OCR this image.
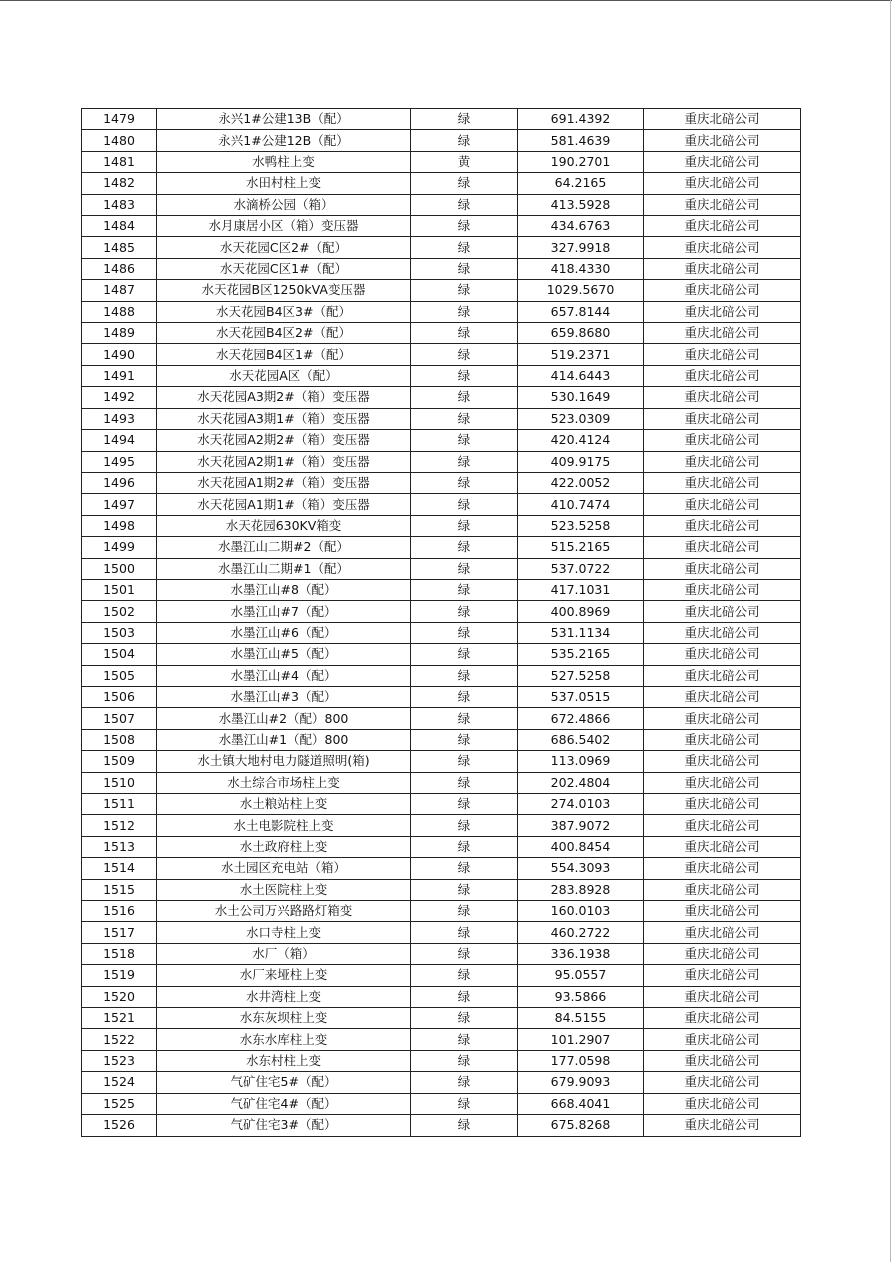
1479	永兴1#公建13B（配）	绿	691.4392	重庆北碚公司
1480	永兴1#公建12B（配）	绿	581.4639	重庆北碚公司
1481	水鸭柱上变	黄	190.2701	重庆北碚公司
1482	水田村柱上变	绿	64.2165	重庆北碚公司
1483	水滴桥公园（箱）	绿	413.5928	重庆北碚公司
1484	水月康居小区（箱）变压器	绿	434.6763	重庆北碚公司
1485	水天花园C区2#（配）	绿	327.9918	重庆北碚公司
1486	水天花园C区1#（配）	绿	418.4330	重庆北碚公司
1487	水天花园B区1250kVA变压器	绿	1029.5670	重庆北碚公司
1488	水天花园B4区3#（配）	绿	657.8144	重庆北碚公司
1489	水天花园B4区2#（配）	绿	659.8680	重庆北碚公司
1490	水天花园B4区1#（配）	绿	519.2371	重庆北碚公司
1491	水天花园A区（配）	绿	414.6443	重庆北碚公司
1492	水天花园A3期2#（箱）变压器	绿	530.1649	重庆北碚公司
1493	水天花园A3期1#（箱）变压器	绿	523.0309	重庆北碚公司
1494	水天花园A2期2#（箱）变压器	绿	420.4124	重庆北碚公司
1495	水天花园A2期1#（箱）变压器	绿	409.9175	重庆北碚公司
1496	水天花园A1期2#（箱）变压器	绿	422.0052	重庆北碚公司
1497	水天花园A1期1#（箱）变压器	绿	410.7474	重庆北碚公司
1498	水天花园630KV箱变	绿	523.5258	重庆北碚公司
1499	水墨江山二期#2（配）	绿	515.2165	重庆北碚公司
1500	水墨江山二期#1（配）	绿	537.0722	重庆北碚公司
1501	水墨江山#8（配）	绿	417.1031	重庆北碚公司
1502	水墨江山#7（配）	绿	400.8969	重庆北碚公司
1503	水墨江山#6（配）	绿	531.1134	重庆北碚公司
1504	水墨江山#5（配）	绿	535.2165	重庆北碚公司
1505	水墨江山#4（配）	绿	527.5258	重庆北碚公司
1506	水墨江山#3（配）	绿	537.0515	重庆北碚公司
1507	水墨江山#2（配）800	绿	672.4866	重庆北碚公司
1508	水墨江山#1（配）800	绿	686.5402	重庆北碚公司
1509	水土镇大地村电力隧道照明(箱)	绿	113.0969	重庆北碚公司
1510	水土综合市场柱上变	绿	202.4804	重庆北碚公司
1511	水土粮站柱上变	绿	274.0103	重庆北碚公司
1512	水土电影院柱上变	绿	387.9072	重庆北碚公司
1513	水土政府柱上变	绿	400.8454	重庆北碚公司
1514	水土园区充电站（箱）	绿	554.3093	重庆北碚公司
1515	水土医院柱上变	绿	283.8928	重庆北碚公司
1516	水土公司万兴路路灯箱变	绿	160.0103	重庆北碚公司
1517	水口寺柱上变	绿	460.2722	重庆北碚公司
1518	水厂（箱）	绿	336.1938	重庆北碚公司
1519	水厂来垭柱上变	绿	95.0557	重庆北碚公司
1520	水井湾柱上变	绿	93.5866	重庆北碚公司
1521	水东灰坝柱上变	绿	84.5155	重庆北碚公司
1522	水东水库柱上变	绿	101.2907	重庆北碚公司
1523	水东村柱上变	绿	177.0598	重庆北碚公司
1524	气矿住宅5#（配）	绿	679.9093	重庆北碚公司
1525	气矿住宅4#（配）	绿	668.4041	重庆北碚公司
1526	气矿住宅3#（配）	绿	675.8268	重庆北碚公司
